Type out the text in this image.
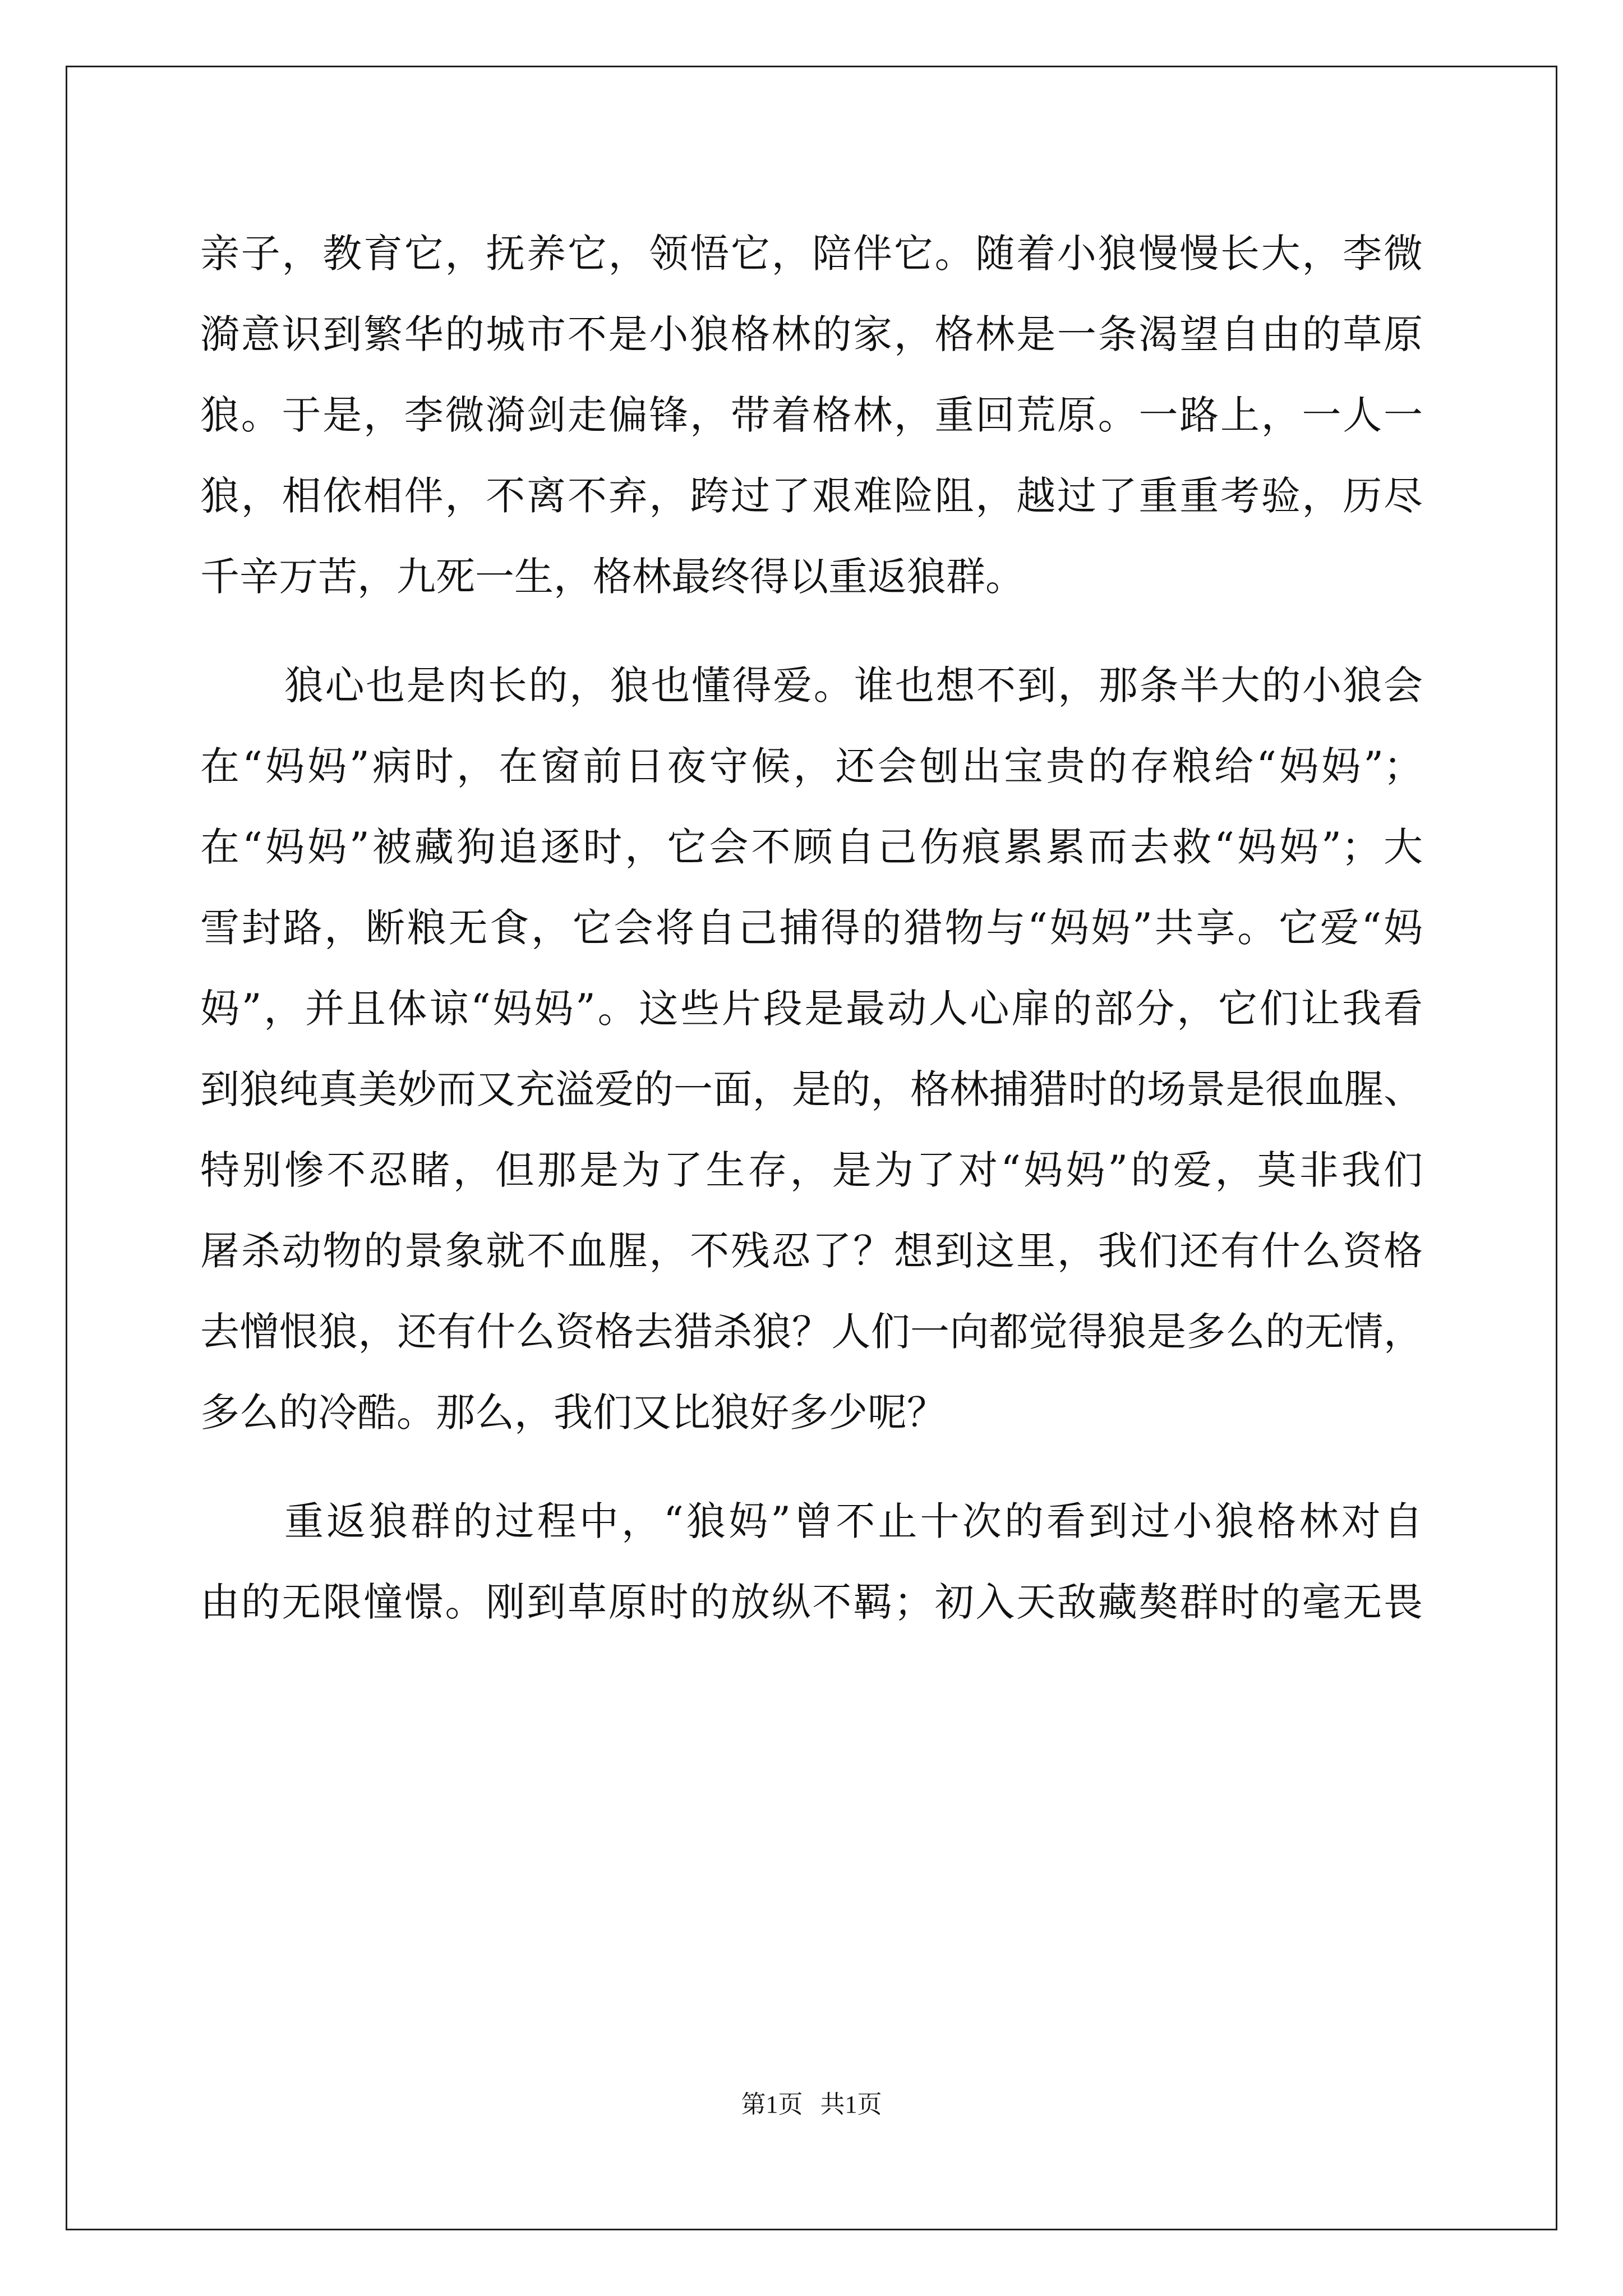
亲子，教育它，抚养它，领悟它，陪伴它。随着小狼慢慢长大，李微
漪意识到繁华的城市不是小狼格林的家，格林是一条渴望自由的草原
狼。于是，李微漪剑走偏锋，带着格林，重回荒原。一路上，一人一
狼，相依相伴，不离不弃，跨过了艰难险阻，越过了重重考验，历尽
千辛万苦，九死一生，格林最终得以重返狼群。
狼心也是肉长的，狼也懂得爱。谁也想不到，那条半大的小狼会
在“妈妈”病时，在窗前日夜守候，还会刨出宝贵的存粮给“妈妈”；
在“妈妈”被藏狗追逐时，它会不顾自己伤痕累累而去救“妈妈”；大
雪封路，断粮无食，它会将自己捕得的猎物与“妈妈”共享。它爱“妈
妈”，并且体谅“妈妈”。这些片段是最动人心扉的部分，它们让我看
到狼纯真美妙而又充溢爱的一面，是的，格林捕猎时的场景是很血腥、
特别惨不忍睹，但那是为了生存，是为了对“妈妈”的爱，莫非我们
屠杀动物的景象就不血腥，不残忍了？想到这里，我们还有什么资格
去憎恨狼，还有什么资格去猎杀狼？人们一向都觉得狼是多么的无情，
多么的冷酷。那么，我们又比狼好多少呢？
重返狼群的过程中，“狼妈”曾不止十次的看到过小狼格林对自
由的无限憧憬。刚到草原时的放纵不羁；初入天敌藏獒群时的毫无畏
第1页 共1页
